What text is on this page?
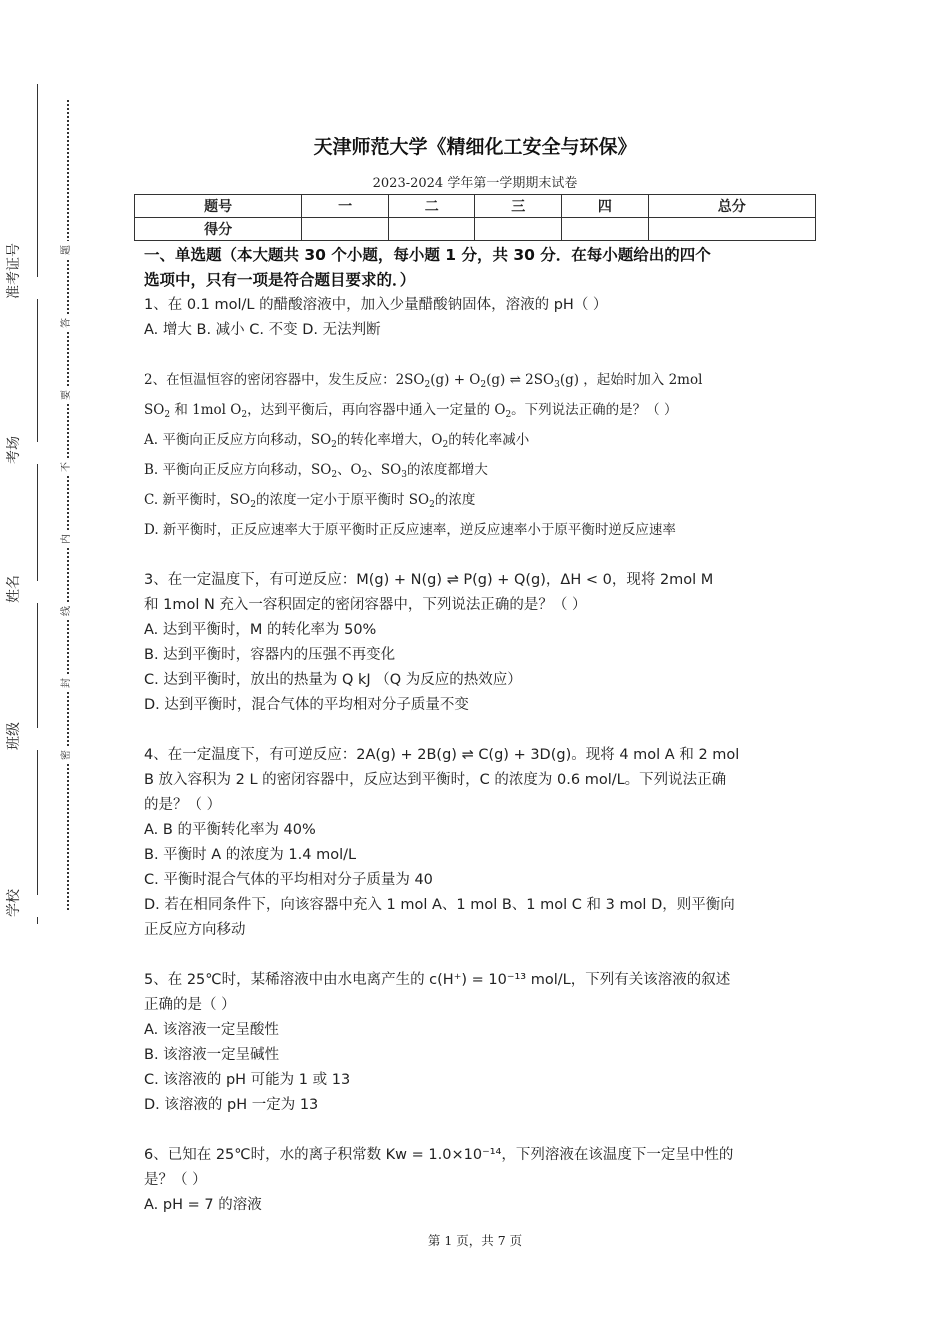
准考证号
考场
姓名
班级
学校
题
答
要
不
内
线
封
密
天津师范大学《精细化工安全与环保》
2023-2024 学年第一学期期末试卷
题号	一	二	三	四	总分
得分					
一、单选题（本大题共 30 个小题，每小题 1 分，共 30 分．在每小题给出的四个
选项中，只有一项是符合题目要求的．）
1、在 0.1 mol/L 的醋酸溶液中，加入少量醋酸钠固体，溶液的 pH（ ）
A. 增大 B. 减小 C. 不变 D. 无法判断
2、在恒温恒容的密闭容器中，发生反应：$2SO_2(g) + O_2(g)$ ⇌ $2SO_3(g)$ ，起始时加入 2mol
$SO_2$ 和 1mol $O_2$，达到平衡后，再向容器中通入一定量的 $O_2$。下列说法正确的是？（ ）
A. 平衡向正反应方向移动，$SO_2$的转化率增大，$O_2$的转化率减小
B. 平衡向正反应方向移动，$SO_2$、$O_2$、$SO_3$的浓度都增大
C. 新平衡时，$SO_2$的浓度一定小于原平衡时 $SO_2$的浓度
D. 新平衡时，正反应速率大于原平衡时正反应速率，逆反应速率小于原平衡时逆反应速率
3、在一定温度下，有可逆反应：M(g) + N(g) ⇌ P(g) + Q(g)，ΔH < 0，现将 2mol M
和 1mol N 充入一容积固定的密闭容器中，下列说法正确的是？（ ）
A. 达到平衡时，M 的转化率为 50%
B. 达到平衡时，容器内的压强不再变化
C. 达到平衡时，放出的热量为 Q kJ （Q 为反应的热效应）
D. 达到平衡时，混合气体的平均相对分子质量不变
4、在一定温度下，有可逆反应：2A(g) + 2B(g) ⇌ C(g) + 3D(g)。现将 4 mol A 和 2 mol
B 放入容积为 2 L 的密闭容器中，反应达到平衡时，C 的浓度为 0.6 mol/L。下列说法正确
的是？（ ）
A. B 的平衡转化率为 40%
B. 平衡时 A 的浓度为 1.4 mol/L
C. 平衡时混合气体的平均相对分子质量为 40
D. 若在相同条件下，向该容器中充入 1 mol A、1 mol B、1 mol C 和 3 mol D，则平衡向
正反应方向移动
5、在 25℃时，某稀溶液中由水电离产生的 c(H⁺) = 10⁻¹³ mol/L，下列有关该溶液的叙述
正确的是（ ）
A. 该溶液一定呈酸性
B. 该溶液一定呈碱性
C. 该溶液的 pH 可能为 1 或 13
D. 该溶液的 pH 一定为 13
6、已知在 25℃时，水的离子积常数 Kw = 1.0×10⁻¹⁴，下列溶液在该温度下一定呈中性的
是？（ ）
A. pH = 7 的溶液
第 1 页，共 7 页
